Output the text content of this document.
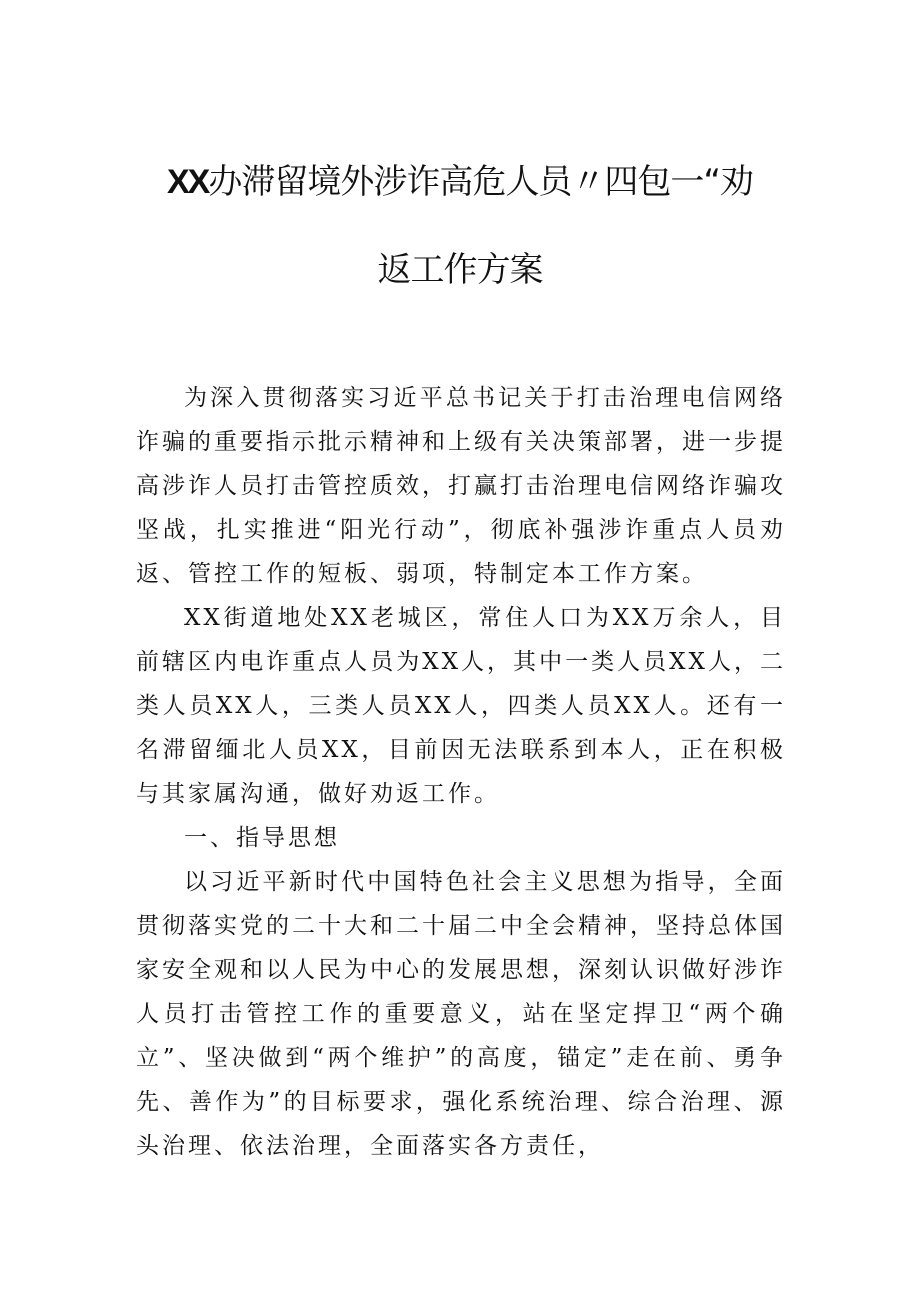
XX办滞留境外涉诈高危人员〃四包一“劝
返工作方案

为深入贯彻落实习近平总书记关于打击治理电信网络诈骗的重要指示批示精神和上级有关决策部署，进一步提高涉诈人员打击管控质效，打赢打击治理电信网络诈骗攻坚战，扎实推进“阳光行动”，彻底补强涉诈重点人员劝返、管控工作的短板、弱项，特制定本工作方案。

XX街道地处XX老城区，常住人口为XX万余人，目前辖区内电诈重点人员为XX人，其中一类人员XX人，二类人员XX人，三类人员XX人，四类人员XX人。还有一名滞留缅北人员XX，目前因无法联系到本人，正在积极与其家属沟通，做好劝返工作。

一、指导思想

以习近平新时代中国特色社会主义思想为指导，全面贯彻落实党的二十大和二十届二中全会精神，坚持总体国家安全观和以人民为中心的发展思想，深刻认识做好涉诈人员打击管控工作的重要意义，站在坚定捍卫“两个确立”、坚决做到“两个维护”的高度，锚定”走在前、勇争先、善作为”的目标要求，强化系统治理、综合治理、源头治理、依法治理，全面落实各方责任，
